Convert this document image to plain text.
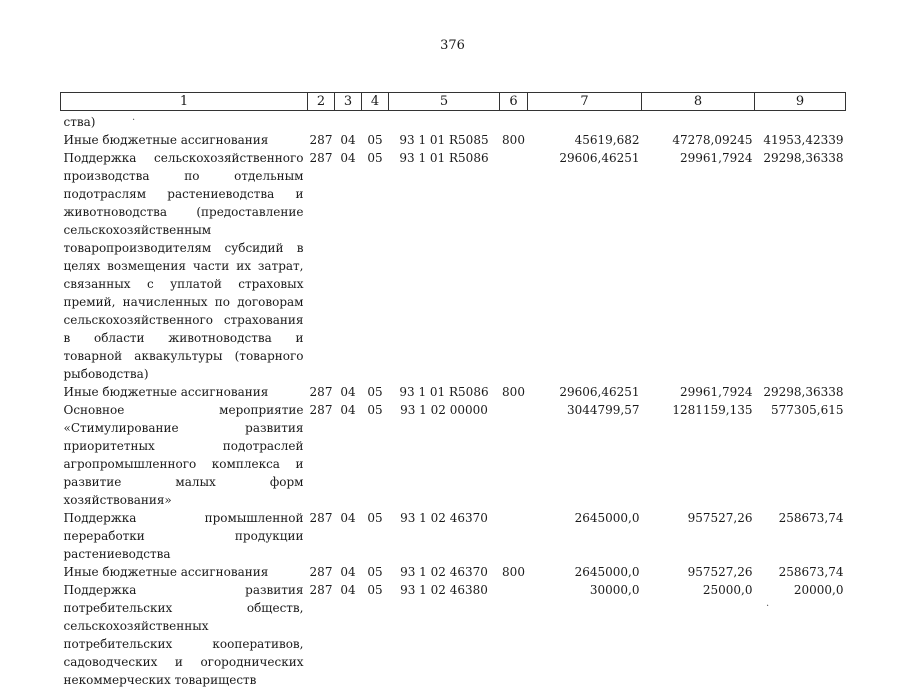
376
1	2	3	4	5	6	7	8	9
ства)								
Иные бюджетные ассигнования	287	04	05	93 1 01 R5085	800	45619,682	47278,09245	41953,42339
Поддержка сельскохозяйственного производства по отдельным подотраслям растениеводства и животноводства (предоставление сельскохозяйственным товаропроизводителям субсидий в целях возмещения части их затрат, связанных с уплатой страховых премий, начисленных по договорам сельскохозяйственного страхования в области животноводства и товарной аквакультуры (товарного рыбоводства)	287	04	05	93 1 01 R5086		29606,46251	29961,7924	29298,36338
Иные бюджетные ассигнования	287	04	05	93 1 01 R5086	800	29606,46251	29961,7924	29298,36338
Основное мероприятие «Стимулирование развития приоритетных подотраслей агропромышленного комплекса и развитие малых форм хозяйствования»	287	04	05	93 1 02 00000		3044799,57	1281159,135	577305,615
Поддержка промышленной переработки продукции растениеводства	287	04	05	93 1 02 46370		2645000,0	957527,26	258673,74
Иные бюджетные ассигнования	287	04	05	93 1 02 46370	800	2645000,0	957527,26	258673,74
Поддержка развития потребительских обществ, сельскохозяйственных потребительских кооперативов, садоводческих и огороднических некоммерческих товариществ	287	04	05	93 1 02 46380		30000,0	25000,0	20000,0
.
.
